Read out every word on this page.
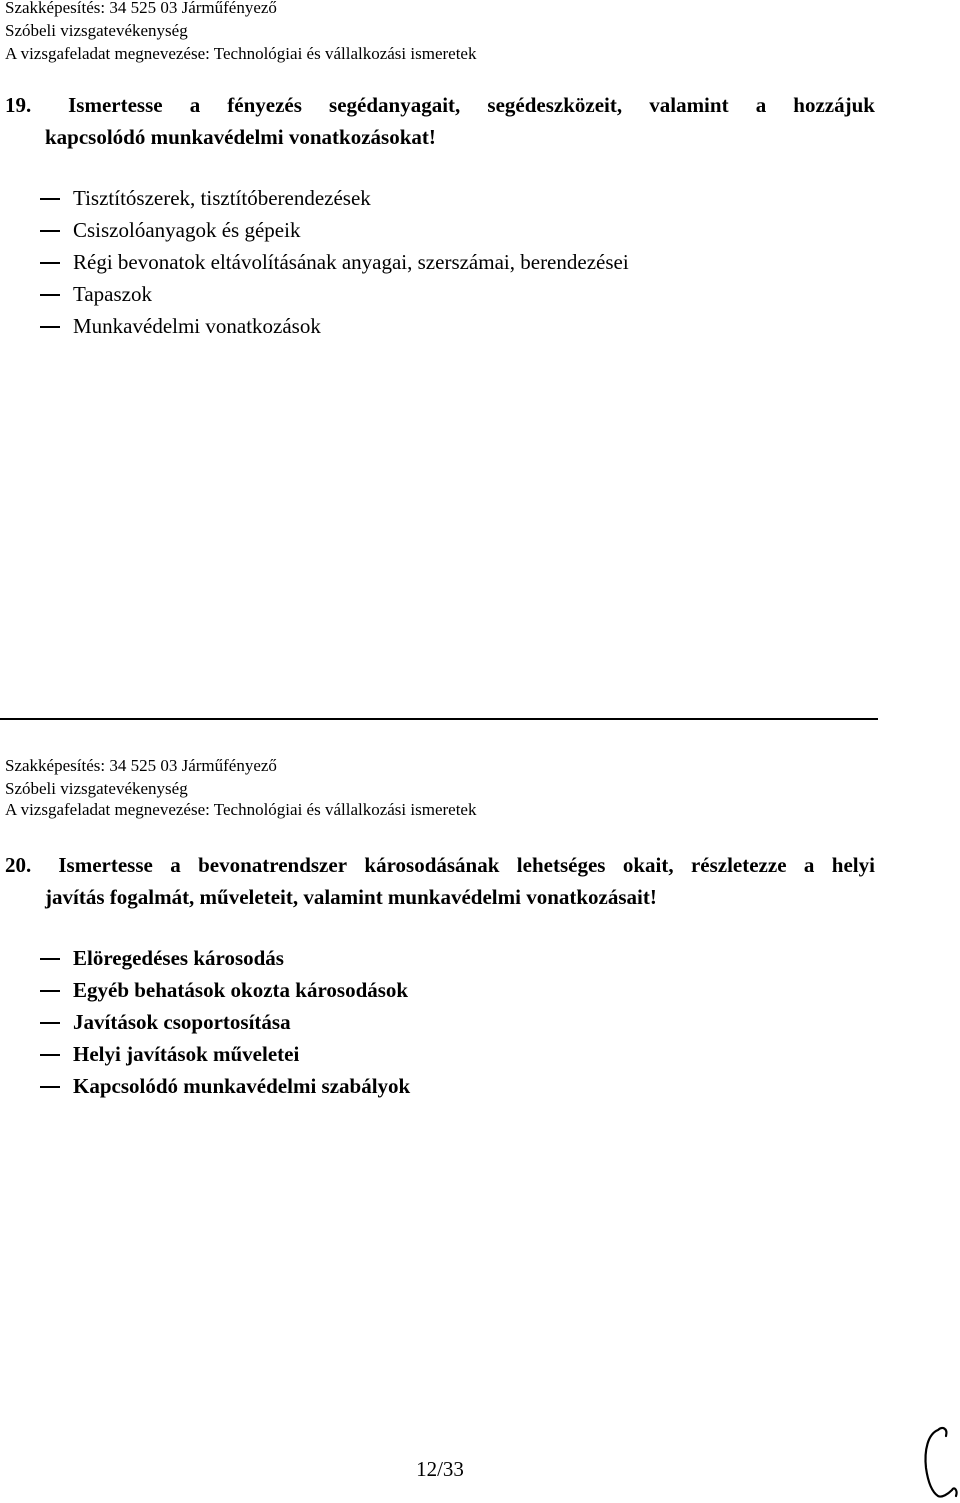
Szakképesítés: 34 525 03 Járműfényező
Szóbeli vizsgatevékenység
A vizsgafeladat megnevezése: Technológiai és vállalkozási ismeretek
19.	Ismertesse a fényezés segédanyagait, segédeszközeit, valamint a hozzájuk
kapcsolódó munkavédelmi vonatkozásokat!
Tisztítószerek, tisztítóberendezések
Csiszolóanyagok és gépeik
Régi bevonatok eltávolításának anyagai, szerszámai, berendezései
Tapaszok
Munkavédelmi vonatkozások
Szakképesítés: 34 525 03 Járműfényező
Szóbeli vizsgatevékenység
A vizsgafeladat megnevezése: Technológiai és vállalkozási ismeretek
20.	Ismertesse a bevonatrendszer károsodásának lehetséges okait, részletezze a helyi
javítás fogalmát, műveleteit, valamint munkavédelmi vonatkozásait!
Elöregedéses károsodás
Egyéb behatások okozta károsodások
Javítások csoportosítása
Helyi javítások műveletei
Kapcsolódó munkavédelmi szabályok
12/33
